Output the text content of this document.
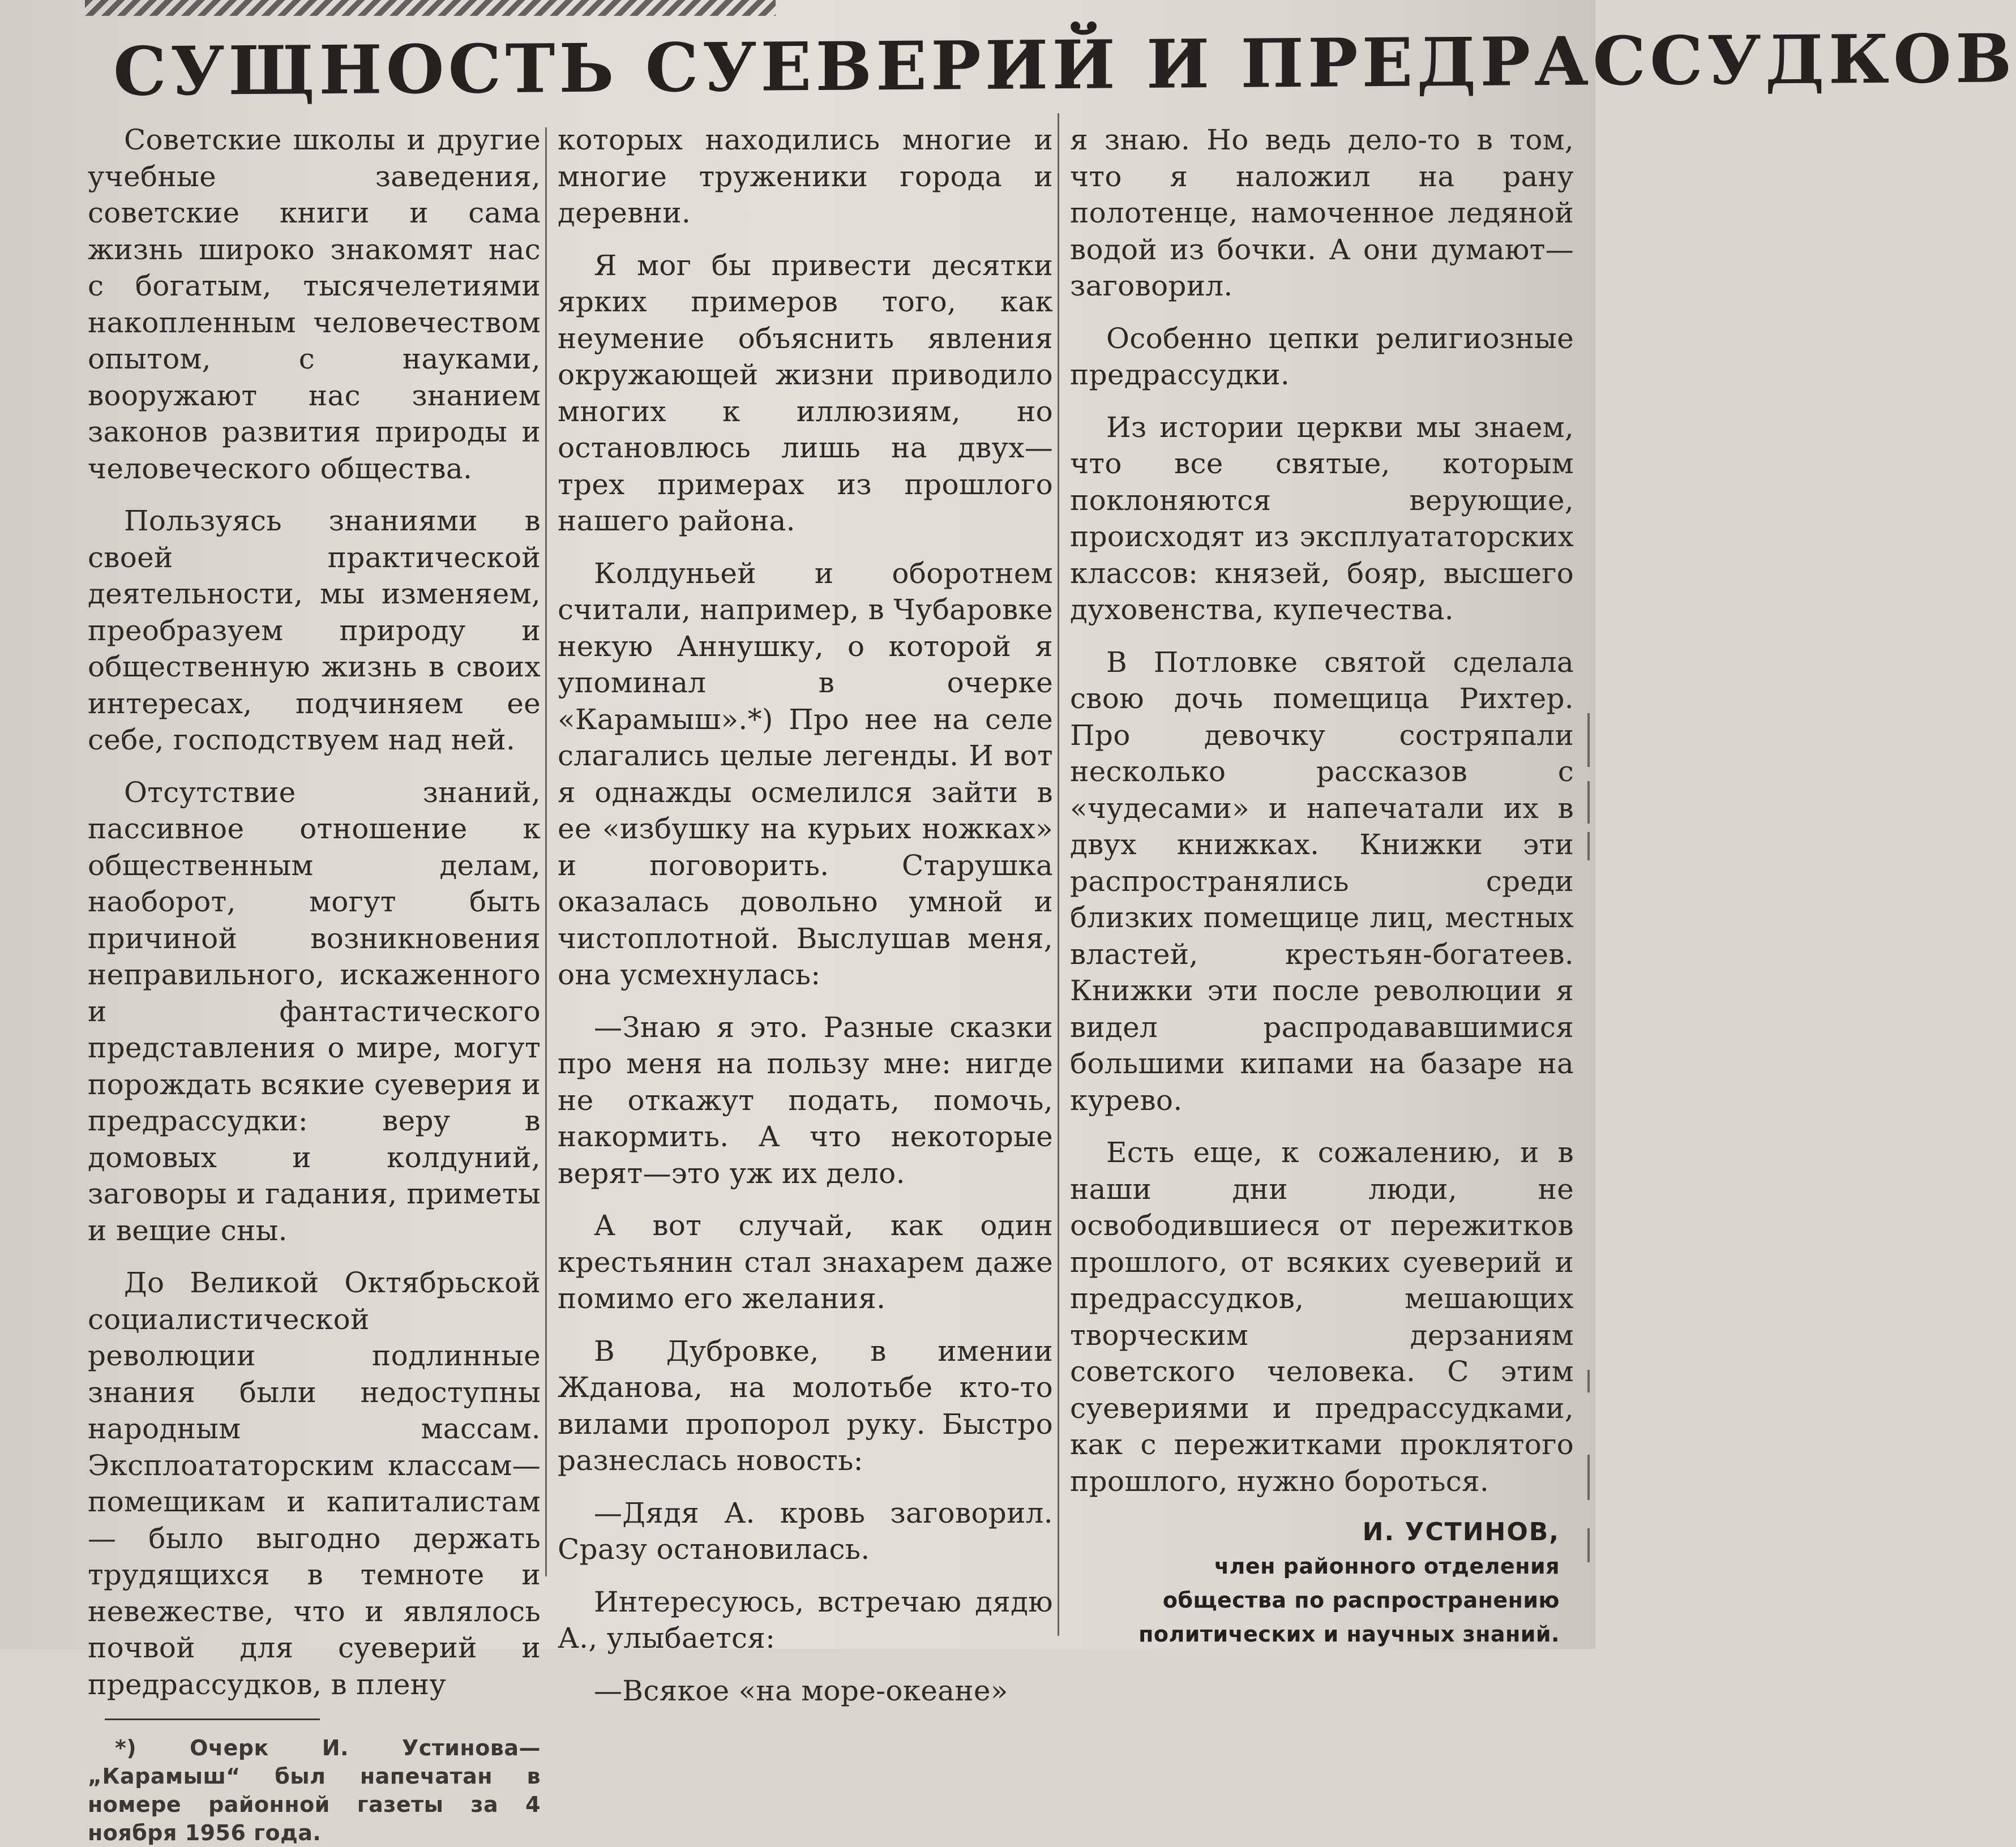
СУЩНОСТЬ СУЕВЕРИЙ И ПРЕДРАССУДКОВ

Советские школы и другие учебные заведения, советские книги и сама жизнь широко знакомят нас с богатым, тысячелетиями накопленным человечеством опытом, с науками, вооружают нас знанием законов развития природы и человеческого общества.

Пользуясь знаниями в своей практической деятельности, мы изменяем, преобразуем природу и общественную жизнь в своих интересах, подчиняем ее себе, господствуем над ней.

Отсутствие знаний, пассивное отношение к общественным делам, наоборот, могут быть причиной возникновения неправильного, искаженного и фантастического представления о мире, могут порождать всякие суеверия и предрассудки: веру в домовых и колдуний, заговоры и гадания, приметы и вещие сны.

До Великой Октябрьской социалистической революции подлинные знания были недоступны народным массам. Эксплоататорским классам—помещикам и капиталистам — было выгодно держать трудящихся в темноте и невежестве, что и являлось почвой для суеверий и предрассудков, в плену

*) Очерк И. Устинова—„Карамыш“ был напечатан в номере районной газеты за 4 ноября 1956 года.

которых находились многие и многие труженики города и деревни.

Я мог бы привести десятки ярких примеров того, как неумение объяснить явления окружающей жизни приводило многих к иллюзиям, но остановлюсь лишь на двух—трех примерах из прошлого нашего района.

Колдуньей и оборотнем считали, например, в Чубаровке некую Аннушку, о которой я упоминал в очерке «Карамыш».*) Про нее на селе слагались целые легенды. И вот я однажды осмелился зайти в ее «избушку на курьих ножках» и поговорить. Старушка оказалась довольно умной и чистоплотной. Выслушав меня, она усмехнулась:

—Знаю я это. Разные сказки про меня на пользу мне: нигде не откажут подать, помочь, накормить. А что некоторые верят—это уж их дело.

А вот случай, как один крестьянин стал знахарем даже помимо его желания.

В Дубровке, в имении Жданова, на молотьбе кто-то вилами пропорол руку. Быстро разнеслась новость:

—Дядя А. кровь заговорил. Сразу остановилась.

Интересуюсь, встречаю дядю А., улыбается:

—Всякое «на море-океане»

я знаю. Но ведь дело-то в том, что я наложил на рану полотенце, намоченное ледяной водой из бочки. А они думают—заговорил.

Особенно цепки религиозные предрассудки.

Из истории церкви мы знаем, что все святые, которым поклоняются верующие, происходят из эксплуататорских классов: князей, бояр, высшего духовенства, купечества.

В Потловке святой сделала свою дочь помещица Рихтер. Про девочку состряпали несколько рассказов с «чудесами» и напечатали их в двух книжках. Книжки эти распространялись среди близких помещице лиц, местных властей, крестьян-богатеев. Книжки эти после революции я видел распродававшимися большими кипами на базаре на курево.

Есть еще, к сожалению, и в наши дни люди, не освободившиеся от пережитков прошлого, от всяких суеверий и предрассудков, мешающих творческим дерзаниям советского человека. С этим суевериями и предрассудками, как с пережитками проклятого прошлого, нужно бороться.

И. УСТИНОВ,
член районного отделения
общества по распространению
политических и научных знаний.
